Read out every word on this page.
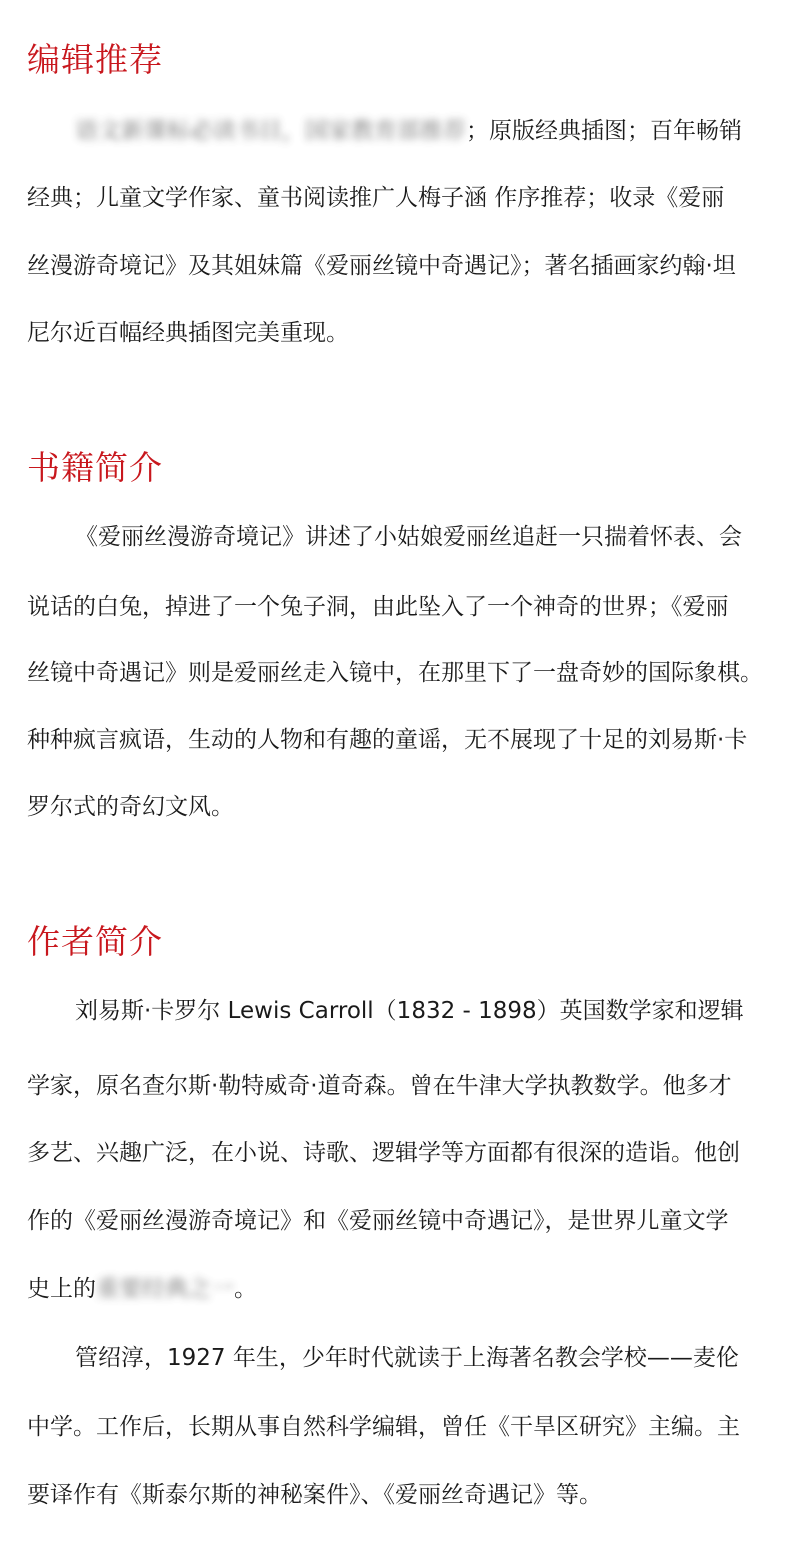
编辑推荐

语文新课标必读书目，国家教育部推荐；原版经典插图；百年畅销

经典；儿童文学作家、童书阅读推广人梅子涵 作序推荐；收录《爱丽

丝漫游奇境记》及其姐妹篇《爱丽丝镜中奇遇记》；著名插画家约翰·坦

尼尔近百幅经典插图完美重现。

书籍简介

《爱丽丝漫游奇境记》讲述了小姑娘爱丽丝追赶一只揣着怀表、会

说话的白兔，掉进了一个兔子洞，由此坠入了一个神奇的世界；《爱丽

丝镜中奇遇记》则是爱丽丝走入镜中，在那里下了一盘奇妙的国际象棋。

种种疯言疯语，生动的人物和有趣的童谣，无不展现了十足的刘易斯·卡

罗尔式的奇幻文风。

作者简介

刘易斯·卡罗尔 Lewis Carroll（1832 - 1898）英国数学家和逻辑

学家，原名查尔斯·勒特威奇·道奇森。曾在牛津大学执教数学。他多才

多艺、兴趣广泛，在小说、诗歌、逻辑学等方面都有很深的造诣。他创

作的《爱丽丝漫游奇境记》和《爱丽丝镜中奇遇记》，是世界儿童文学

史上的重要经典之一。

管绍淳，1927 年生，少年时代就读于上海著名教会学校——麦伦

中学。工作后，长期从事自然科学编辑，曾任《干旱区研究》主编。主

要译作有《斯泰尔斯的神秘案件》、《爱丽丝奇遇记》等。
